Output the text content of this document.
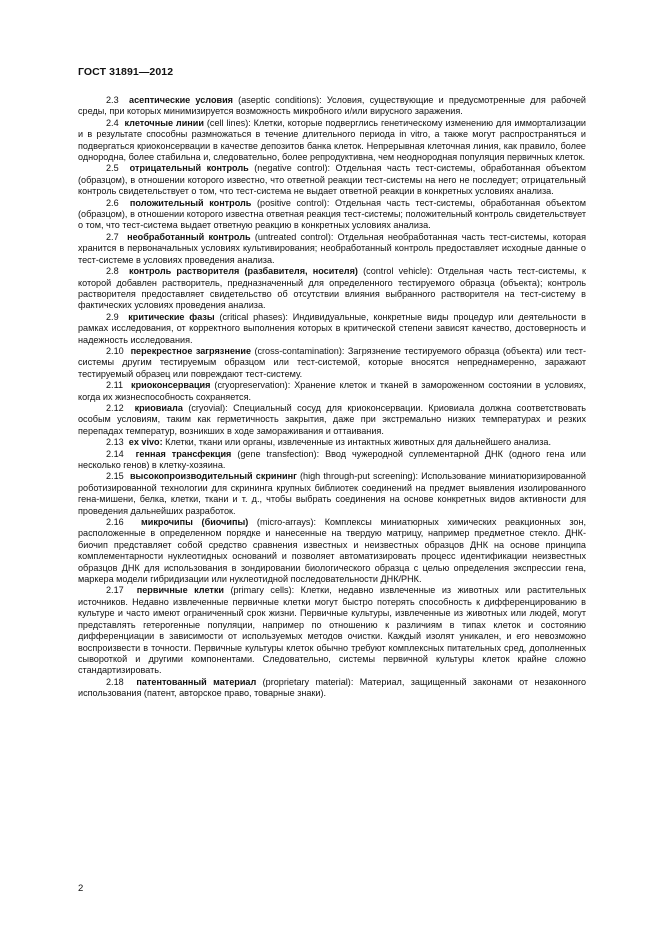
ГОСТ 31891—2012

2.3 асептические условия (aseptic conditions): Условия, существующие и предусмотренные для рабочей среды, при которых минимизируется возможность микробного и/или вирусного заражения.

2.4 клеточные линии (cell lines): Клетки, которые подверглись генетическому изменению для иммортализации и в результате способны размножаться в течение длительного периода in vitro, а также могут распространяться и подвергаться криоконсервации в качестве депозитов банка клеток. Непрерывная клеточная линия, как правило, более однородна, более стабильна и, следовательно, более репродуктивна, чем неоднородная популяция первичных клеток.

2.5 отрицательный контроль (negative control): Отдельная часть тест-системы, обработанная объектом (образцом), в отношении которого известно, что ответной реакции тест-системы на него не последует; отрицательный контроль свидетельствует о том, что тест-система не выдает ответной реакции в конкретных условиях анализа.

2.6 положительный контроль (positive control): Отдельная часть тест-системы, обработанная объектом (образцом), в отношении которого известна ответная реакция тест-системы; положительный контроль свидетельствует о том, что тест-система выдает ответную реакцию в конкретных условиях анализа.

2.7 необработанный контроль (untreated control): Отдельная необработанная часть тест-системы, которая хранится в первоначальных условиях культивирования; необработанный контроль предоставляет исходные данные о тест-системе в условиях проведения анализа.

2.8 контроль растворителя (разбавителя, носителя) (control vehicle): Отдельная часть тест-системы, к которой добавлен растворитель, предназначенный для определенного тестируемого образца (объекта); контроль растворителя предоставляет свидетельство об отсутствии влияния выбранного растворителя на тест-систему в фактических условиях проведения анализа.

2.9 критические фазы (critical phases): Индивидуальные, конкретные виды процедур или деятельности в рамках исследования, от корректного выполнения которых в критической степени зависят качество, достоверность и надежность исследования.

2.10 перекрестное загрязнение (cross-contamination): Загрязнение тестируемого образца (объекта) или тест-системы другим тестируемым образцом или тест-системой, которые вносятся непреднамеренно, заражают тестируемый образец или повреждают тест-систему.

2.11 криоконсервация (cryopreservation): Хранение клеток и тканей в замороженном состоянии в условиях, когда их жизнеспособность сохраняется.

2.12 криовиала (cryovial): Специальный сосуд для криоконсервации. Криовиала должна соответствовать особым условиям, таким как герметичность закрытия, даже при экстремально низких температурах и резких перепадах температур, возникших в ходе замораживания и оттаивания.

2.13 ex vivo: Клетки, ткани или органы, извлеченные из интактных животных для дальнейшего анализа.

2.14 генная трансфекция (gene transfection): Ввод чужеродной суплементарной ДНК (одного гена или несколько генов) в клетку-хозяина.

2.15 высокопроизводительный скрининг (high through-put screening): Использование миниатюризированной роботизированной технологии для скрининга крупных библиотек соединений на предмет выявления изолированного гена-мишени, белка, клетки, ткани и т. д., чтобы выбрать соединения на основе конкретных видов активности для проведения дальнейших разработок.

2.16 микрочипы (биочипы) (micro-arrays): Комплексы миниатюрных химических реакционных зон, расположенные в определенном порядке и нанесенные на твердую матрицу, например предметное стекло. ДНК-биочип представляет собой средство сравнения известных и неизвестных образцов ДНК на основе принципа комплементарности нуклеотидных оснований и позволяет автоматизировать процесс идентификации неизвестных образцов ДНК для использования в зондировании биологического образца с целью определения экспрессии гена, маркера модели гибридизации или нуклеотидной последовательности ДНК/РНК.

2.17 первичные клетки (primary cells): Клетки, недавно извлеченные из животных или растительных источников. Недавно извлеченные первичные клетки могут быстро потерять способность к дифференцированию в культуре и часто имеют ограниченный срок жизни. Первичные культуры, извлеченные из животных или людей, могут представлять гетерогенные популяции, например по отношению к различиям в типах клеток и состоянию дифференциации в зависимости от используемых методов очистки. Каждый изолят уникален, и его невозможно воспроизвести в точности. Первичные культуры клеток обычно требуют комплексных питательных сред, дополненных сывороткой и другими компонентами. Следовательно, системы первичной культуры клеток крайне сложно стандартизировать.

2.18 патентованный материал (proprietary material): Материал, защищенный законами от незаконного использования (патент, авторское право, товарные знаки).

2
